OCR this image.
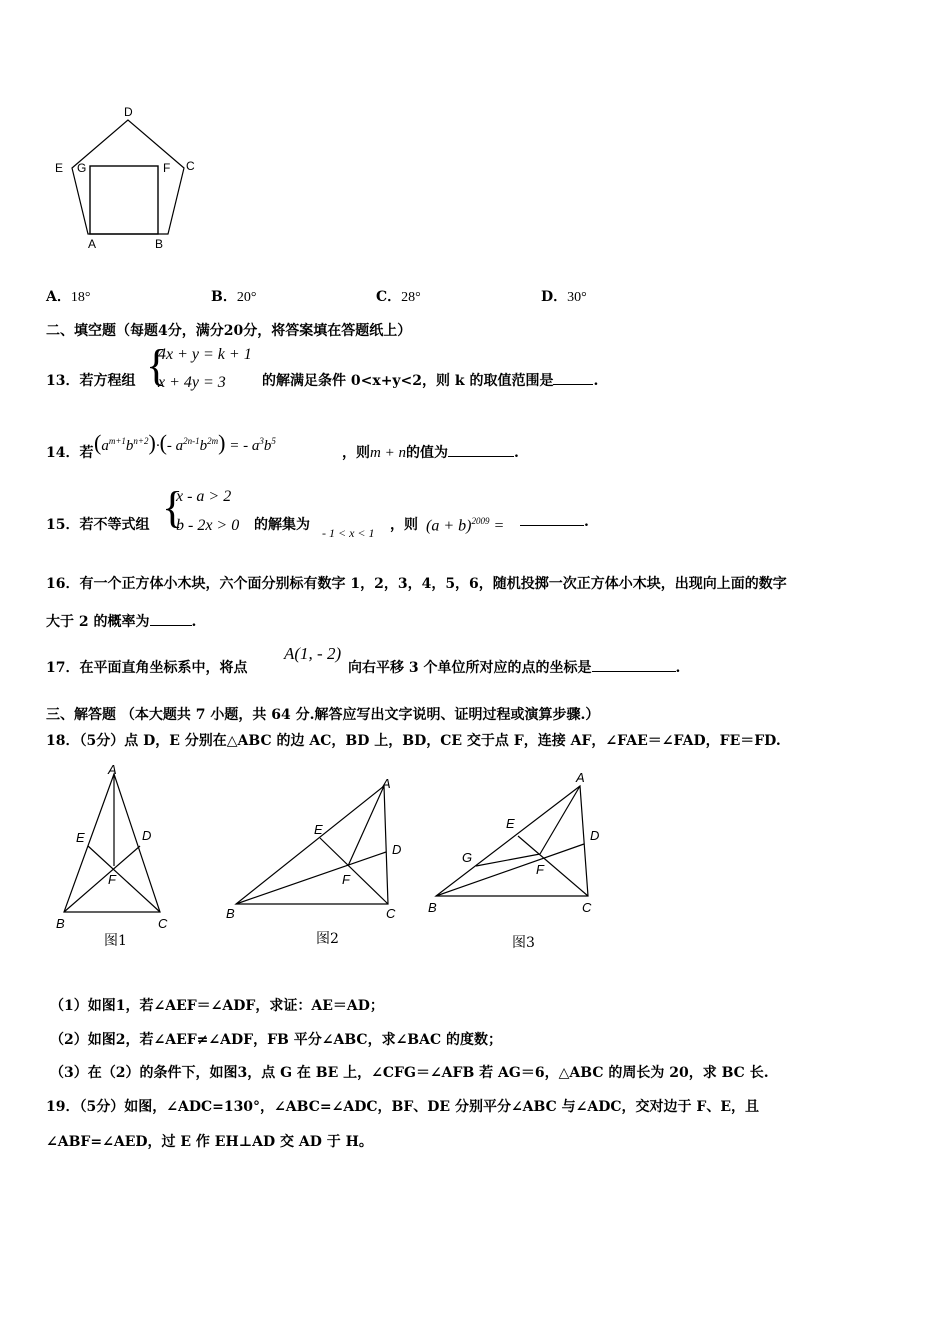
D
E G	F C
A	B
A．18°	B．20°	C．28°	D．30°
二、填空题（每题4分，满分20分，将答案填在答题纸上）
13．若方程组 {
4x + y = k + 1
x + 4y = 3	的解满足条件 0<x+y<2，则 k 的取值范围是	.
14．若 $(a^{m+1}b^{n+2})\cdot(-$ $a^{2n-1}b^{2m}$) = - $a^3b^5$
，则m + n的值为	.
15．若不等式组 {
x - a > 2
b - 2x > 0 的解集为 - 1 < x < 1 ，则 $(a + b)^{2009}$ =	.
16．有一个正方体小木块，六个面分别标有数字 1，2，3，4，5，6，随机投掷一次正方体小木块，出现向上面的数字
大于 2 的概率为	.
17．在平面直角坐标系中，将点
A(1, - 2)
向右平移 3 个单位所对应的点的坐标是	.
三、解答题 （本大题共 7 小题，共 64 分.解答应写出文字说明、证明过程或演算步骤.）
18．（5分）点 D，E 分别在△ABC 的边 AC，BD 上，BD，CE 交于点 F，连接 AF，∠FAE＝∠FAD，FE＝FD.
A
E	D
F
B	C
图1
A
E
D
F
B	C
图2
A
E
D
G
F
B	C
图3
（1）如图1，若∠AEF＝∠ADF，求证：AE＝AD；
（2）如图2，若∠AEF≠∠ADF，FB 平分∠ABC，求∠BAC 的度数；
（3）在（2）的条件下，如图3，点 G 在 BE 上，∠CFG＝∠AFB 若 AG＝6，△ABC 的周长为 20，求 BC 长.
19．（5分）如图，∠ADC=130°，∠ABC=∠ADC，BF、DE 分别平分∠ABC 与∠ADC，交对边于 F、E，且
∠ABF=∠AED，过 E 作 EH⊥AD 交 AD 于 H。
